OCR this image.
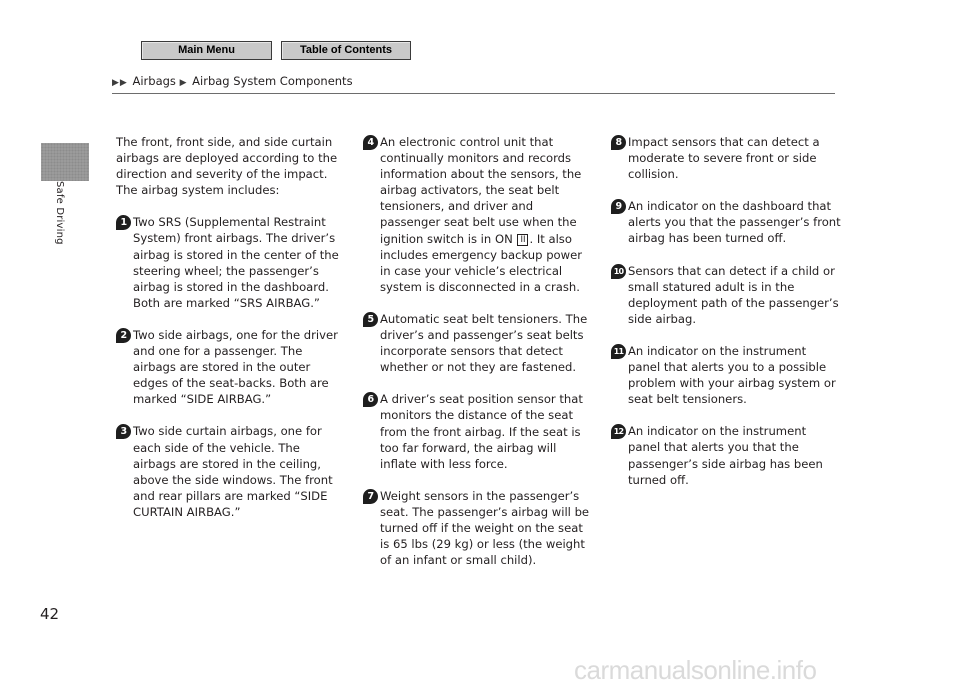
Main Menu	Table of Contents
▶▶ Airbags ▶ Airbag System Components
Safe Driving
42

The front, front side, and side curtain airbags are deployed according to the direction and severity of the impact. The airbag system includes:

1 Two SRS (Supplemental Restraint System) front airbags. The driver’s airbag is stored in the center of the steering wheel; the passenger’s airbag is stored in the dashboard. Both are marked “SRS AIRBAG.”
2 Two side airbags, one for the driver and one for a passenger. The airbags are stored in the outer edges of the seat-backs. Both are marked “SIDE AIRBAG.”
3 Two side curtain airbags, one for each side of the vehicle. The airbags are stored in the ceiling, above the side windows. The front and rear pillars are marked “SIDE CURTAIN AIRBAG.”
4 An electronic control unit that continually monitors and records information about the sensors, the airbag activators, the seat belt tensioners, and driver and passenger seat belt use when the ignition switch is in ON II . It also includes emergency backup power in case your vehicle’s electrical system is disconnected in a crash.
5 Automatic seat belt tensioners. The driver’s and passenger’s seat belts incorporate sensors that detect whether or not they are fastened.
6 A driver’s seat position sensor that monitors the distance of the seat from the front airbag. If the seat is too far forward, the airbag will inflate with less force.
7 Weight sensors in the passenger’s seat. The passenger’s airbag will be turned off if the weight on the seat is 65 lbs (29 kg) or less (the weight of an infant or small child).
8 Impact sensors that can detect a moderate to severe front or side collision.
9 An indicator on the dashboard that alerts you that the passenger’s front airbag has been turned off.
10 Sensors that can detect if a child or small statured adult is in the deployment path of the passenger’s side airbag.
11 An indicator on the instrument panel that alerts you to a possible problem with your airbag system or seat belt tensioners.
12 An indicator on the instrument panel that alerts you that the passenger’s side airbag has been turned off.
carmanualsonline.info
